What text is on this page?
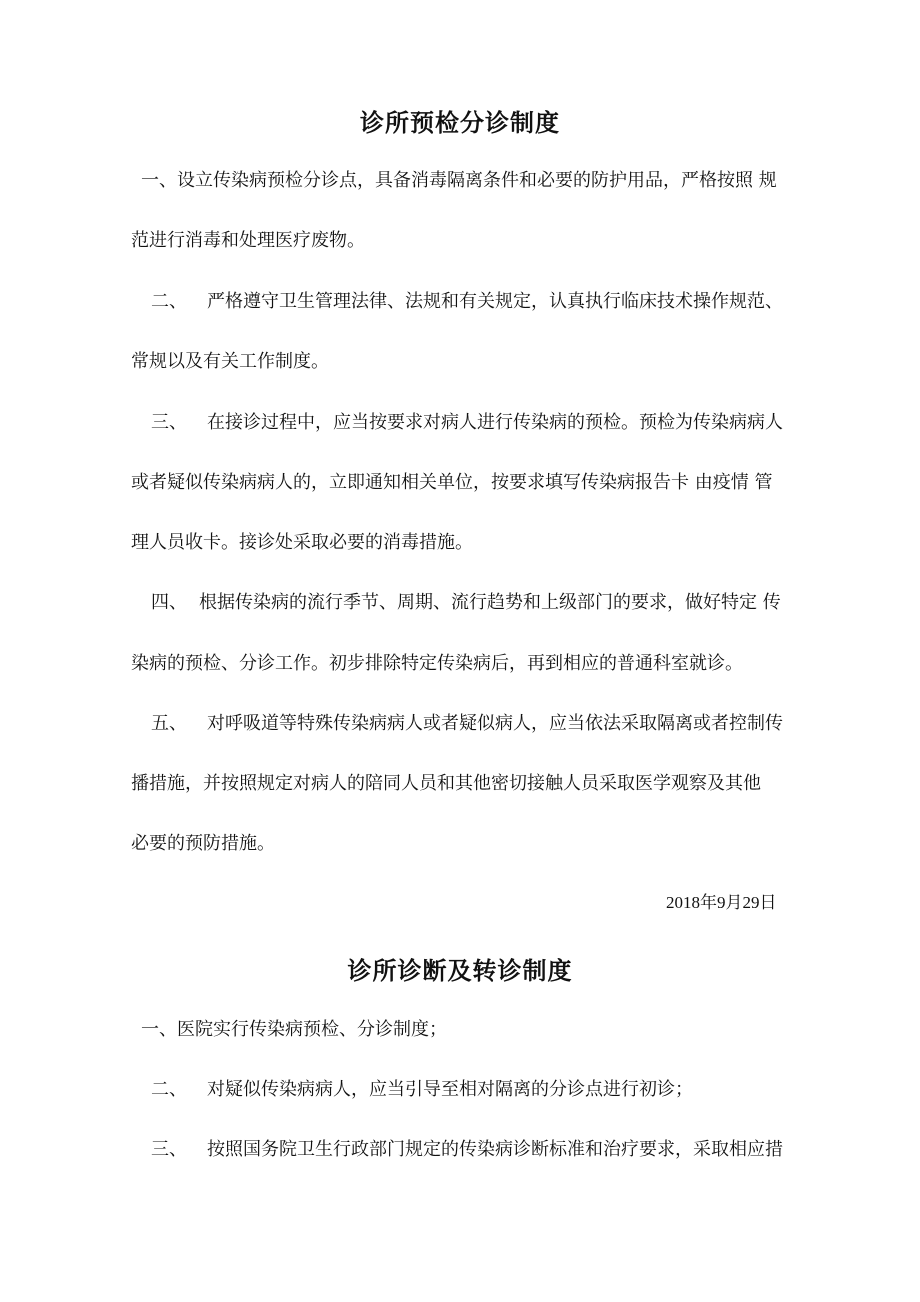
诊所预检分诊制度

一、设立传染病预检分诊点，具备消毒隔离条件和必要的防护用品，严格按照 规

范进行消毒和处理医疗废物。

二、 严格遵守卫生管理法律、法规和有关规定，认真执行临床技术操作规范、

常规以及有关工作制度。

三、 在接诊过程中，应当按要求对病人进行传染病的预检。预检为传染病病人

或者疑似传染病病人的，立即通知相关单位，按要求填写传染病报告卡 由疫情 管

理人员收卡。接诊处采取必要的消毒措施。

四、 根据传染病的流行季节、周期、流行趋势和上级部门的要求，做好特定 传

染病的预检、分诊工作。初步排除特定传染病后，再到相应的普通科室就诊。

五、 对呼吸道等特殊传染病病人或者疑似病人，应当依法采取隔离或者控制传

播措施，并按照规定对病人的陪同人员和其他密切接触人员采取医学观察及其他

必要的预防措施。

2018年9月29日
诊所诊断及转诊制度

一、医院实行传染病预检、分诊制度；

二、 对疑似传染病病人，应当引导至相对隔离的分诊点进行初诊；

三、 按照国务院卫生行政部门规定的传染病诊断标准和治疗要求，采取相应措
